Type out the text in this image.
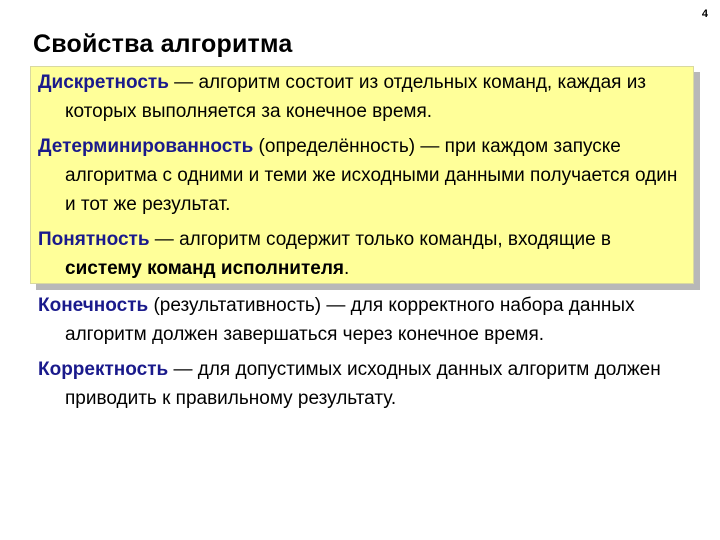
4
Свойства алгоритма
Дискретность — алгоритм состоит из отдельных команд, каждая из которых выполняется за конечное время.
Детерминированность (определённость) — при каждом запуске алгоритма с одними и теми же исходными данными получается один и тот же результат.
Понятность — алгоритм содержит только команды, входящие в систему команд исполнителя.
Конечность (результативность) — для корректного набора данных алгоритм должен завершаться через конечное время.
Корректность — для допустимых исходных данных алгоритм должен приводить к правильному результату.
